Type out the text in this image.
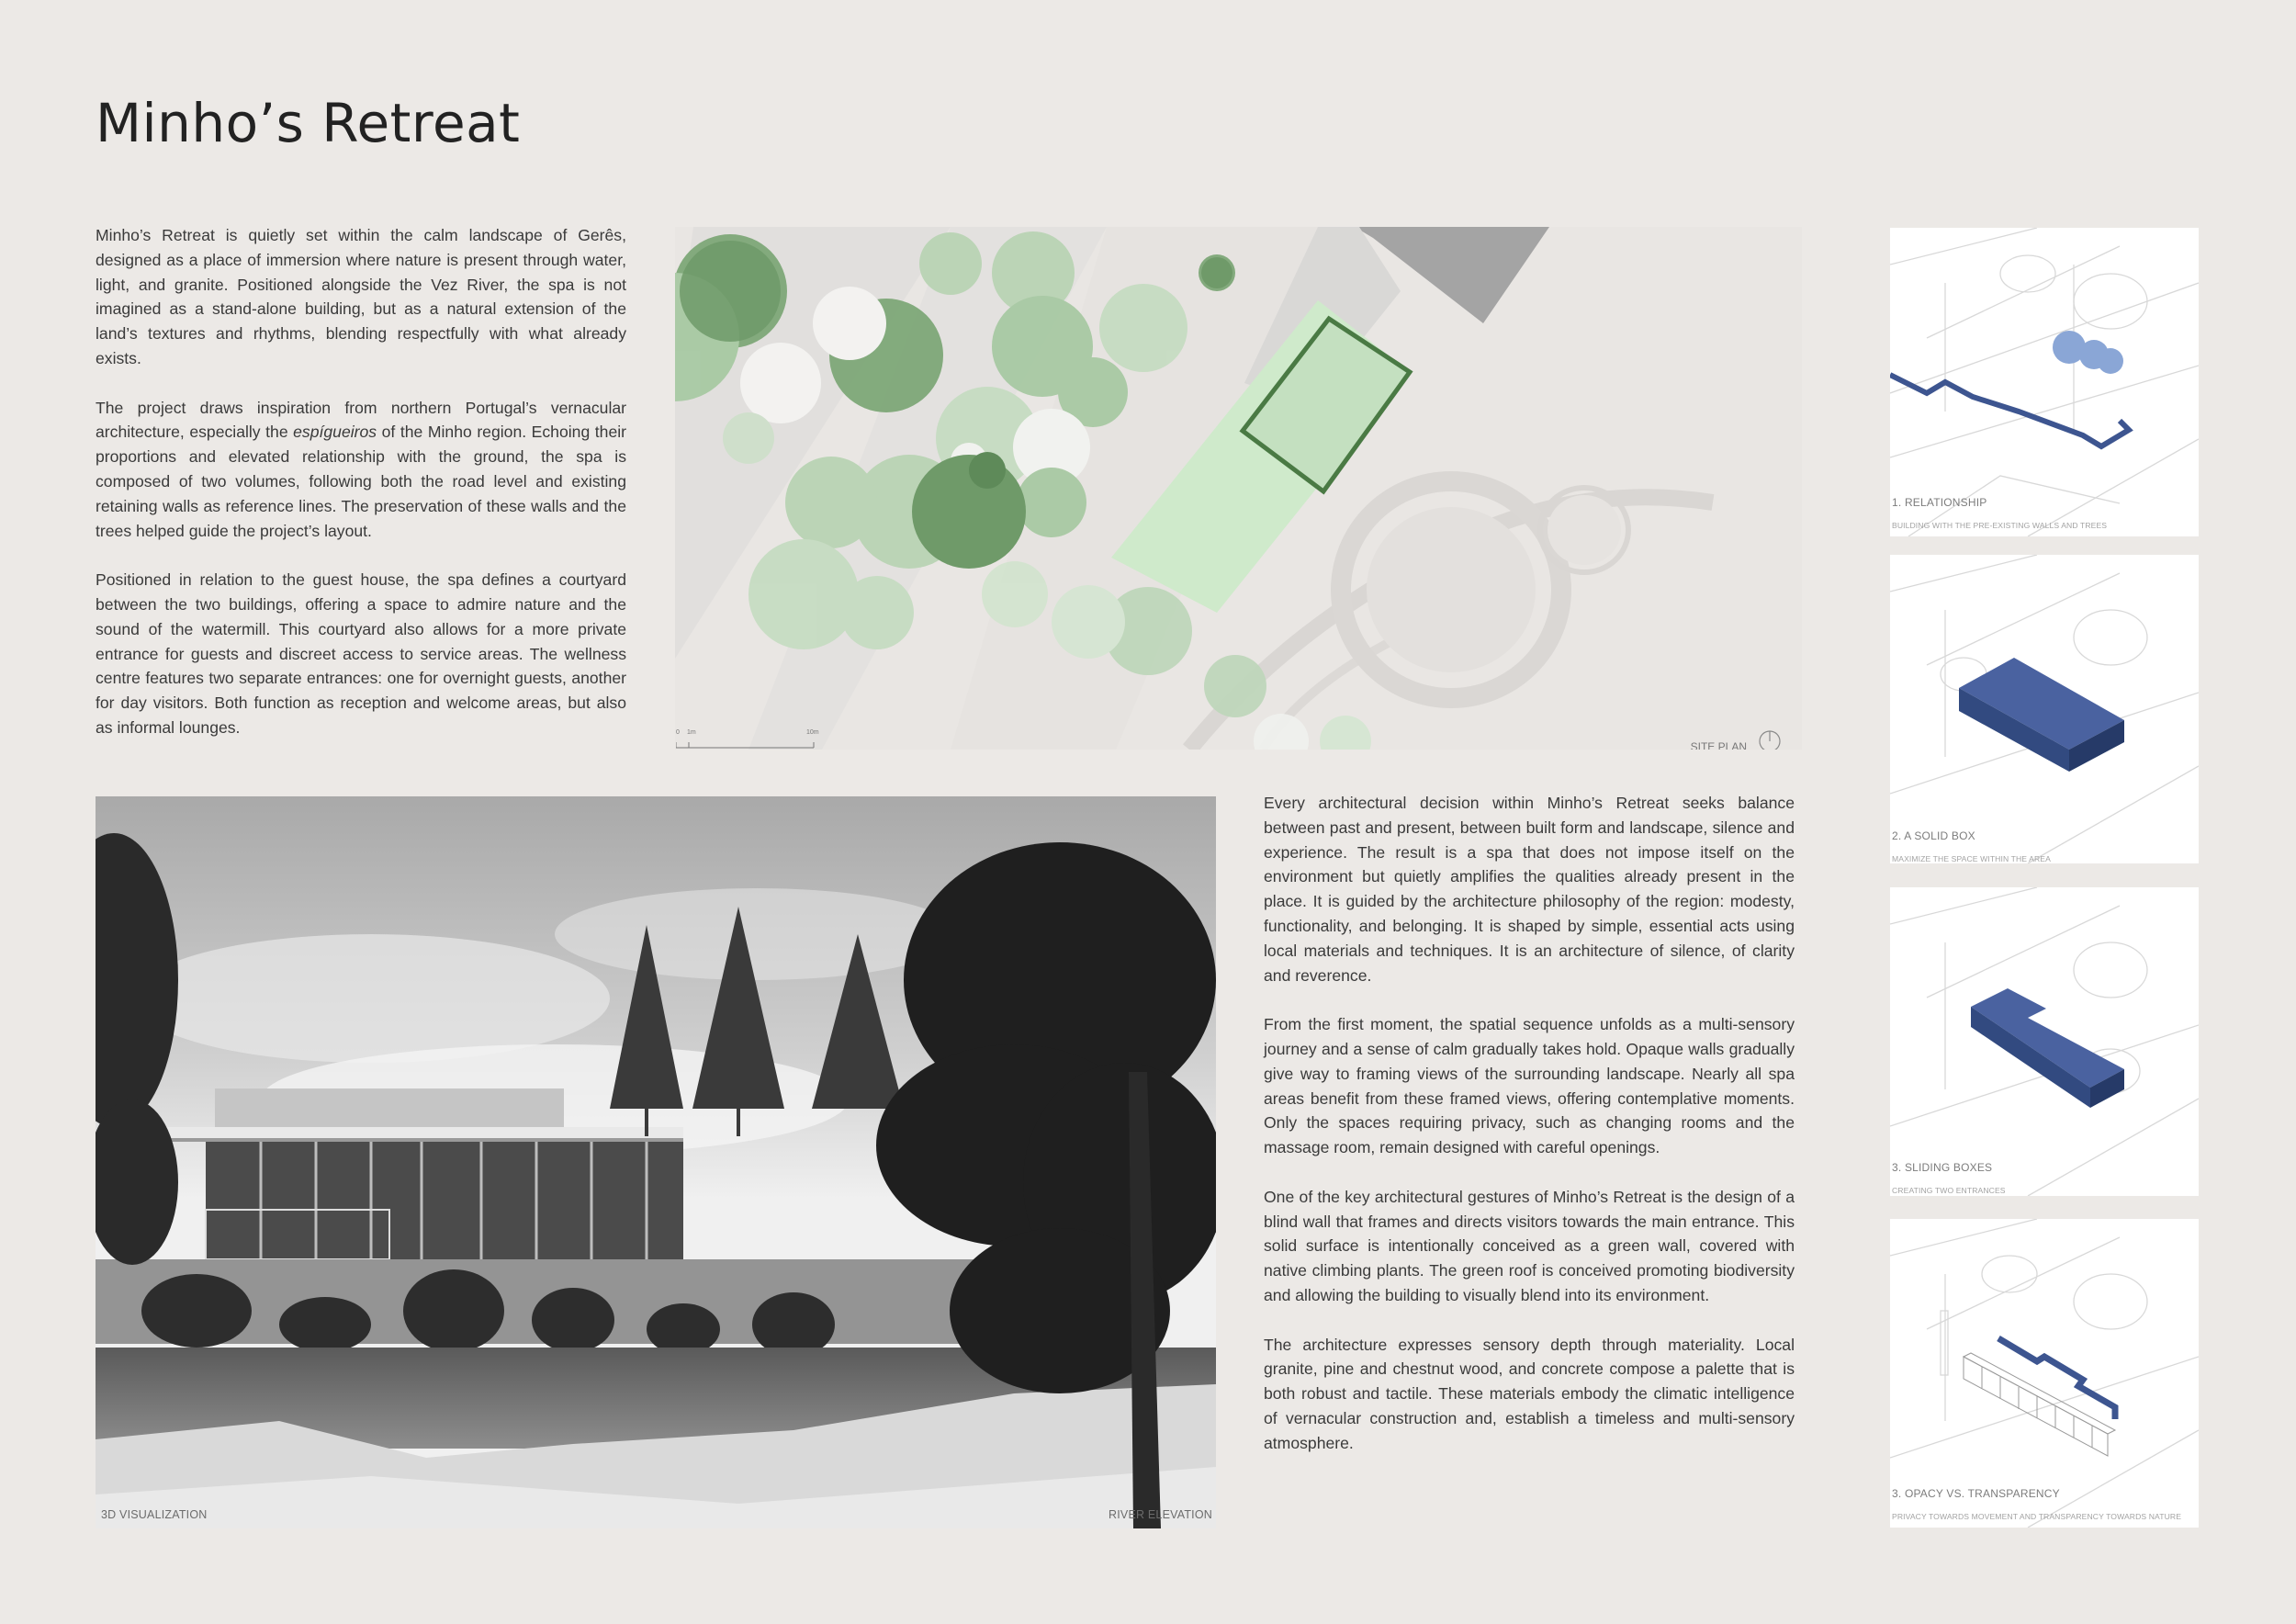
Minho’s Retreat

Minho’s Retreat is quietly set within the calm landscape of Gerês, designed as a place of immersion where nature is present through water, light, and granite. Positioned alongside the Vez River, the spa is not imagined as a stand-alone building, but as a natural extension of the land’s textures and rhythms, blending respectfully with what already exists.

The project draws inspiration from northern Portugal’s vernacular architecture, especially the espígueiros of the Minho region. Echoing their proportions and elevated relationship with the ground, the spa is composed of two volumes, following both the road level and existing retaining walls as reference lines. The preservation of these walls and the trees helped guide the project’s layout.

Positioned in relation to the guest house, the spa defines a courtyard between the two buildings, offering a space to admire nature and the sound of the watermill. This courtyard also allows for a more private entrance for guests and discreet access to service areas. The wellness centre features two separate entrances: one for overnight guests, another for day visitors. Both function as reception and welcome areas, but also as informal lounges.

SITE PLAN
0 1m	10m
3D VISUALIZATION	RIVER ELEVATION

Every architectural decision within Minho’s Retreat seeks balance between past and present, between built form and landscape, silence and experience. The result is a spa that does not impose itself on the environment but quietly amplifies the qualities already present in the place. It is guided by the architecture philosophy of the region: modesty, functionality, and belonging. It is shaped by simple, essential acts using local materials and techniques. It is an architecture of silence, of clarity and reverence.

From the first moment, the spatial sequence unfolds as a multi-sensory journey and a sense of calm gradually takes hold. Opaque walls gradually give way to framing views of the surrounding landscape. Nearly all spa areas benefit from these framed views, offering contemplative moments. Only the spaces requiring privacy, such as changing rooms and the massage room, remain designed with careful openings.

One of the key architectural gestures of Minho’s Retreat is the design of a blind wall that frames and directs visitors towards the main entrance. This solid surface is intentionally conceived as a green wall, covered with native climbing plants. The green roof is conceived promoting biodiversity and allowing the building to visually blend into its environment.

The architecture expresses sensory depth through materiality. Local granite, pine and chestnut wood, and concrete compose a palette that is both robust and tactile. These materials embody the climatic intelligence of vernacular construction and, establish a timeless and multi-sensory atmosphere.

1. RELATIONSHIP
BUILDING WITH THE PRE-EXISTING WALLS AND TREES
2. A SOLID BOX
MAXIMIZE THE SPACE WITHIN THE AREA
3. SLIDING BOXES
CREATING TWO ENTRANCES
3. OPACY VS. TRANSPARENCY
PRIVACY TOWARDS MOVEMENT AND TRANSPARENCY TOWARDS NATURE
